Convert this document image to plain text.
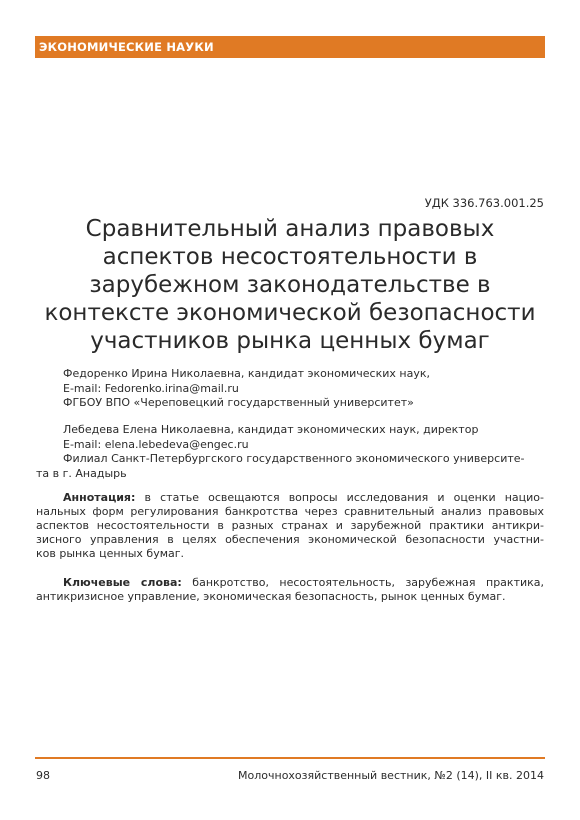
ЭКОНОМИЧЕСКИЕ НАУКИ
УДК 336.763.001.25
Сравнительный анализ правовых
аспектов несостоятельности в
зарубежном законодательстве в
контексте экономической безопасности
участников рынка ценных бумаг
Федоренко Ирина Николаевна, кандидат экономических наук,
E-mail: Fedorenko.irina@mail.ru
ФГБОУ ВПО «Череповецкий государственный университет»
Лебедева Елена Николаевна, кандидат экономических наук, директор
E-mail: elena.lebedeva@engec.ru
Филиал Санкт-Петербургского государственного экономического университе-
та в г. Анадырь
Аннотация: в статье освещаются вопросы исследования и оценки нацио-
нальных форм регулирования банкротства через сравнительный анализ правовых
аспектов несостоятельности в разных странах и зарубежной практики антикри-
зисного управления в целях обеспечения экономической безопасности участни-
ков рынка ценных бумаг.
Ключевые слова: банкротство, несостоятельность, зарубежная практика,
антикризисное управление, экономическая безопасность, рынок ценных бумаг.
98	Молочнохозяйственный вестник, №2 (14), II кв. 2014
